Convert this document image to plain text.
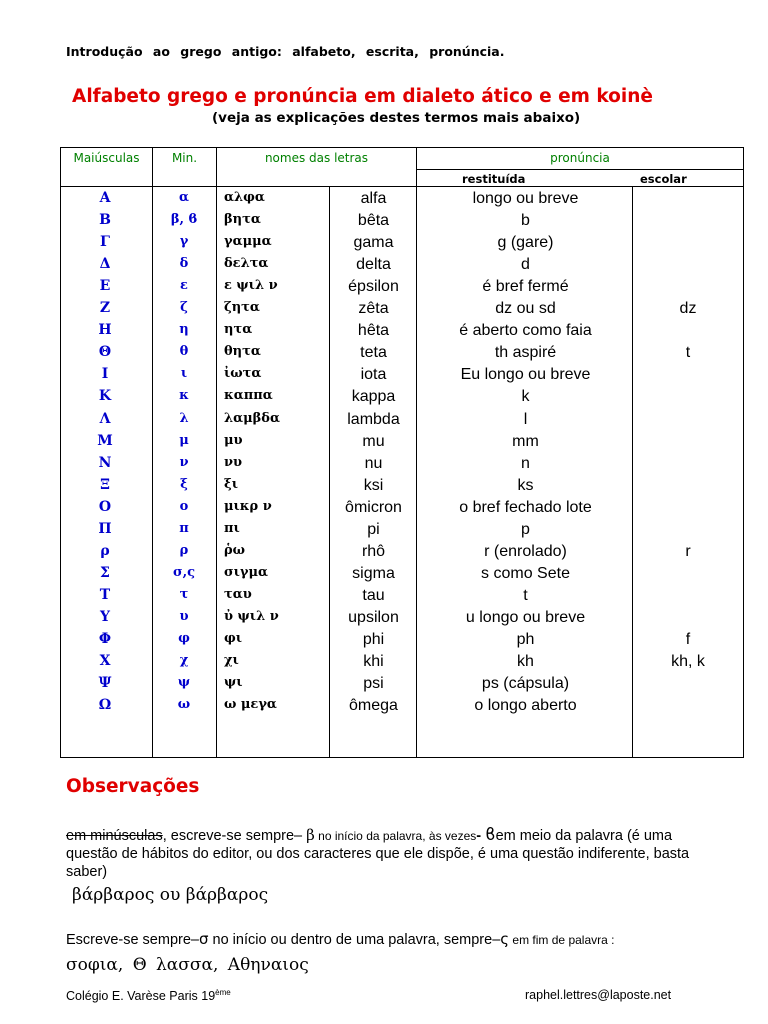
Introdução ao grego antigo: alfabeto, escrita, pronúncia.
Alfabeto grego e pronúncia em dialeto ático e em koinè
(veja as explicações destes termos mais abaixo)
Maiúsculas	Min.	nomes das letras		pronúncia	

				restituída escolar	

Α	α	αλφα	alfa	longo ou breve
Β	β, ϐ	βητα	bêta	b
Γ	γ	γαμμα	gama	g (gare)
Δ	δ	δελτα	delta	d
Ε	ε	ε ψιλ ν	épsilon	é bref fermé
Ζ	ζ	ζητα	zêta	dz ou sd	dz
Η	η	ητα	hêta	é aberto como faia
Θ	θ	θητα	teta	th aspiré	t
Ι	ι	ἰωτα	iota	Eu longo ou breve
Κ	κ	καππα	kappa	k
Λ	λ	λαμβδα	lambda	l
Μ	μ	μυ	mu	mm
Ν	ν	νυ	nu	n
Ξ	ξ	ξι	ksi	ks
Ο	ο	μικρ ν	ômicron	o bref fechado lote
Π	π	πι	pi	p
ρ	ρ	ῥω	rhô	r (enrolado)	r
Σ	σ,ς	σιγμα	sigma	s como Sete
Τ	τ	ταυ	tau	t
Υ	υ	ὐ ψιλ ν	upsilon	u longo ou breve
Φ	φ	φι	phi	ph	f
Χ	χ	χι	khi	kh	kh, k
Ψ	ψ	ψι	psi	ps (cápsula)
Ω	ω	ω μεγα	ômega	o longo aberto
Observações
em minúsculas, escreve-se sempre– β no início da palavra, às vezes- ϐem meio da palavra (é uma questão de hábitos do editor, ou dos caracteres que ele dispõe, é uma questão indiferente, basta saber)
βάρβαρος ου βάρβαρος
Escreve-se sempre–σ no início ou dentro de uma palavra, sempre–ς em fim de palavra :
σοφια, Θ λασσα, Αθηναιος
Colégio E. Varèse Paris 19ème	raphel.lettres@laposte.net
